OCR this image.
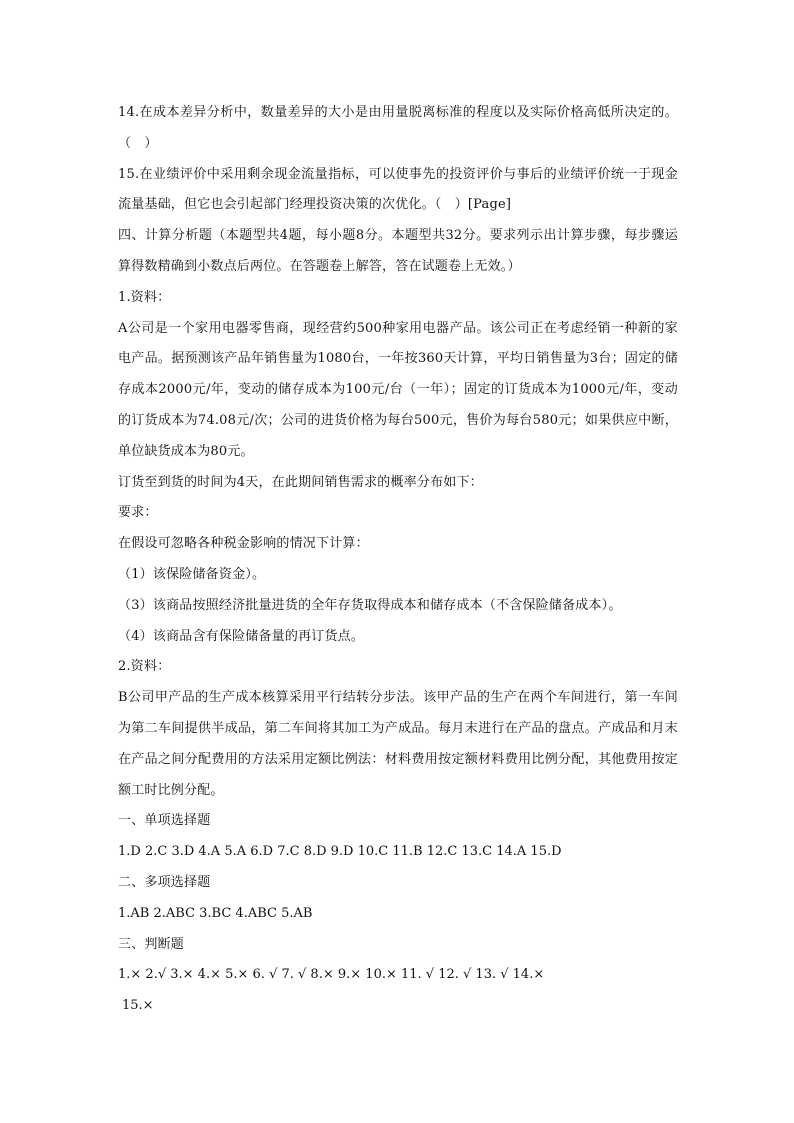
14.在成本差异分析中，数量差异的大小是由用量脱离标准的程度以及实际价格高低所决定的。（　）

15.在业绩评价中采用剩余现金流量指标，可以使事先的投资评价与事后的业绩评价统一于现金流量基础，但它也会引起部门经理投资决策的次优化。（　）[Page]

四、计算分析题（本题型共4题，每小题8分。本题型共32分。要求列示出计算步骤，每步骤运算得数精确到小数点后两位。在答题卷上解答，答在试题卷上无效。）

1.资料：

A公司是一个家用电器零售商，现经营约500种家用电器产品。该公司正在考虑经销一种新的家电产品。据预测该产品年销售量为1080台，一年按360天计算，平均日销售量为3台；固定的储存成本2000元/年，变动的储存成本为100元/台（一年）；固定的订货成本为1000元/年，变动的订货成本为74.08元/次；公司的进货价格为每台500元，售价为每台580元；如果供应中断，单位缺货成本为80元。

订货至到货的时间为4天，在此期间销售需求的概率分布如下：

要求：

在假设可忽略各种税金影响的情况下计算：

（1）该保险储备资金）。

（3）该商品按照经济批量进货的全年存货取得成本和储存成本（不含保险储备成本）。

（4）该商品含有保险储备量的再订货点。

2.资料：

B公司甲产品的生产成本核算采用平行结转分步法。该甲产品的生产在两个车间进行，第一车间为第二车间提供半成品，第二车间将其加工为产成品。每月末进行在产品的盘点。产成品和月末在产品之间分配费用的方法采用定额比例法：材料费用按定额材料费用比例分配，其他费用按定额工时比例分配。

一、单项选择题

1.D 2.C 3.D 4.A 5.A 6.D 7.C 8.D 9.D 10.C 11.B 12.C 13.C 14.A 15.D

二、多项选择题

1.AB 2.ABC 3.BC 4.ABC 5.AB

三、判断题

1.× 2.√ 3.× 4.× 5.× 6. √ 7. √ 8.× 9.× 10.× 11. √ 12. √ 13. √ 14.×

15.×
